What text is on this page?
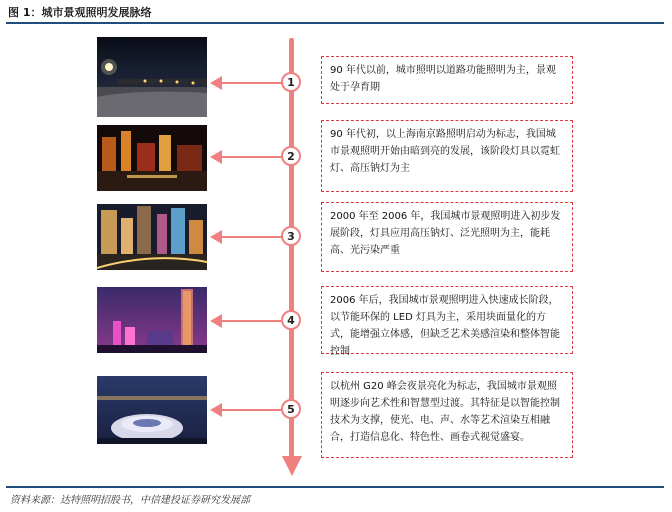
图 1：城市景观照明发展脉络
1
90 年代以前，城市照明以道路功能照明为主，景观处于孕育期
2
90 年代初，以上海南京路照明启动为标志，我国城市景观照明开始由暗到亮的发展，该阶段灯具以霓虹灯、高压钠灯为主
3
2000 年至 2006 年，我国城市景观照明进入初步发展阶段，灯具应用高压钠灯、泛光照明为主，能耗高、光污染严重
4
2006 年后，我国城市景观照明进入快速成长阶段，以节能环保的 LED 灯具为主，采用块面量化的方式，能增强立体感，但缺乏艺术美感渲染和整体智能控制
5
以杭州 G20 峰会夜景亮化为标志，我国城市景观照明逐步向艺术性和智慧型过渡。其特征是以智能控制技术为支撑，使光、电、声、水等艺术渲染互相融合，打造信息化、特色性、画卷式视觉盛宴。
资料来源：达特照明招股书，中信建投证券研究发展部
